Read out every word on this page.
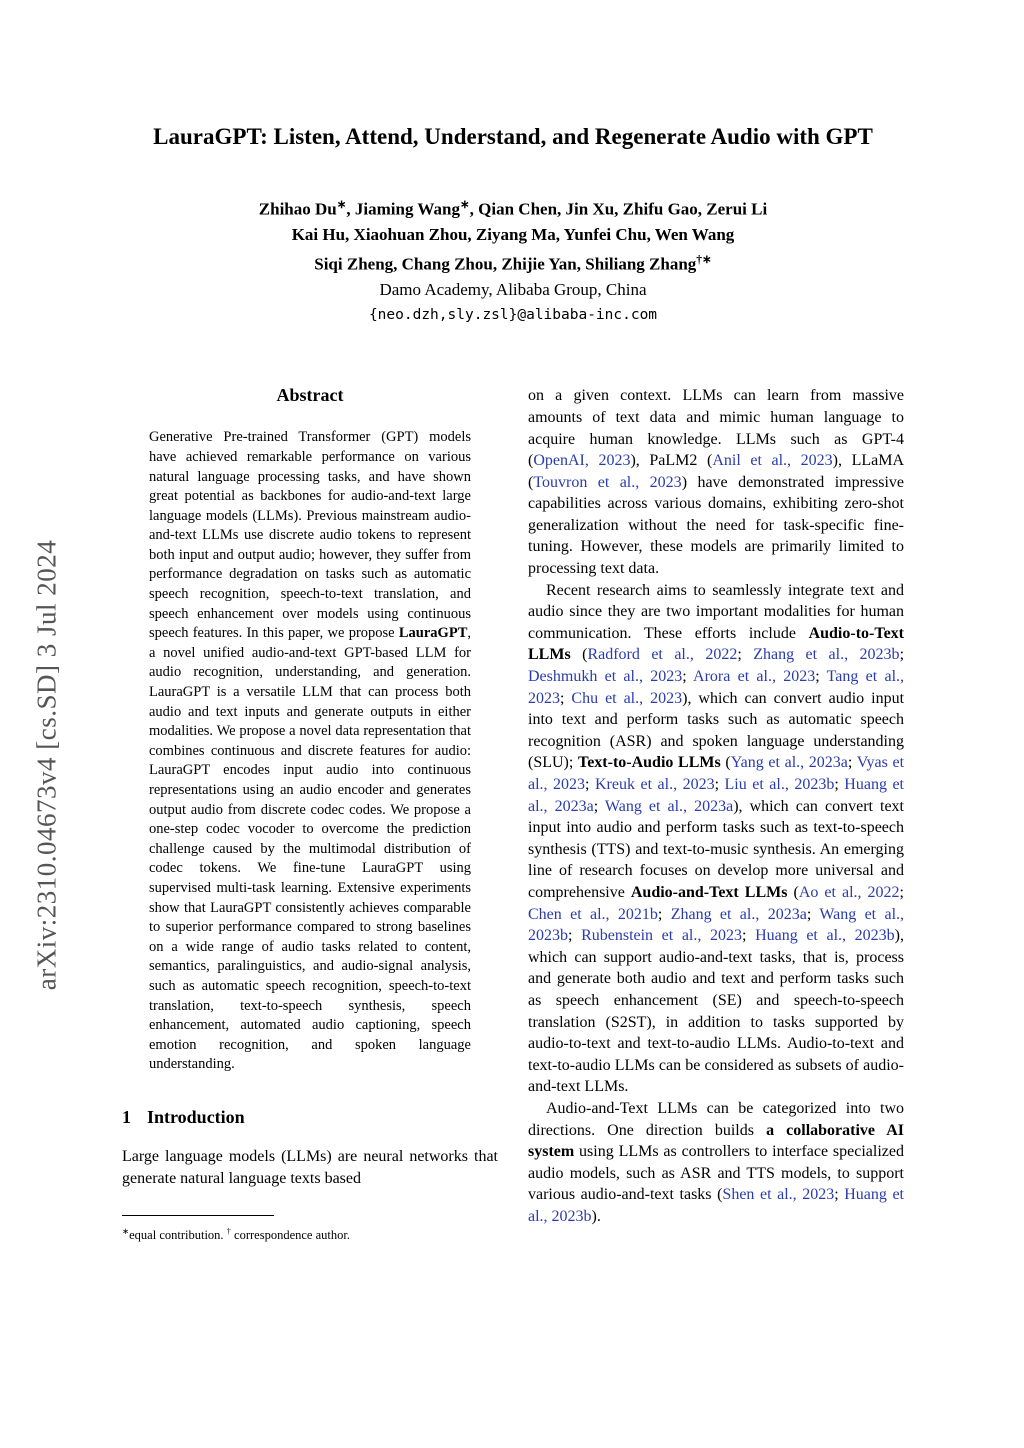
arXiv:2310.04673v4 [cs.SD] 3 Jul 2024
LauraGPT: Listen, Attend, Understand, and Regenerate Audio with GPT
Zhihao Du∗, Jiaming Wang∗, Qian Chen, Jin Xu, Zhifu Gao, Zerui Li
Kai Hu, Xiaohuan Zhou, Ziyang Ma, Yunfei Chu, Wen Wang
Siqi Zheng, Chang Zhou, Zhijie Yan, Shiliang Zhang†∗
Damo Academy, Alibaba Group, China
{neo.dzh,sly.zsl}@alibaba-inc.com
Abstract
Generative Pre-trained Transformer (GPT) models have achieved remarkable performance on various natural language processing tasks, and have shown great potential as backbones for audio-and-text large language models (LLMs). Previous mainstream audio-and-text LLMs use discrete audio tokens to represent both input and output audio; however, they suffer from performance degradation on tasks such as automatic speech recognition, speech-to-text translation, and speech enhancement over models using continuous speech features. In this paper, we propose LauraGPT, a novel unified audio-and-text GPT-based LLM for audio recognition, understanding, and generation. LauraGPT is a versatile LLM that can process both audio and text inputs and generate outputs in either modalities. We propose a novel data representation that combines continuous and discrete features for audio: LauraGPT encodes input audio into continuous representations using an audio encoder and generates output audio from discrete codec codes. We propose a one-step codec vocoder to overcome the prediction challenge caused by the multimodal distribution of codec tokens. We fine-tune LauraGPT using supervised multi-task learning. Extensive experiments show that LauraGPT consistently achieves comparable to superior performance compared to strong baselines on a wide range of audio tasks related to content, semantics, paralinguistics, and audio-signal analysis, such as automatic speech recognition, speech-to-text translation, text-to-speech synthesis, speech enhancement, automated audio captioning, speech emotion recognition, and spoken language understanding.
1 Introduction

Large language models (LLMs) are neural networks that generate natural language texts based

∗equal contribution. † correspondence author.

on a given context. LLMs can learn from massive amounts of text data and mimic human language to acquire human knowledge. LLMs such as GPT-4 (OpenAI, 2023), PaLM2 (Anil et al., 2023), LLaMA (Touvron et al., 2023) have demonstrated impressive capabilities across various domains, exhibiting zero-shot generalization without the need for task-specific fine-tuning. However, these models are primarily limited to processing text data.

Recent research aims to seamlessly integrate text and audio since they are two important modalities for human communication. These efforts include Audio-to-Text LLMs (Radford et al., 2022; Zhang et al., 2023b; Deshmukh et al., 2023; Arora et al., 2023; Tang et al., 2023; Chu et al., 2023), which can convert audio input into text and perform tasks such as automatic speech recognition (ASR) and spoken language understanding (SLU); Text-to-Audio LLMs (Yang et al., 2023a; Vyas et al., 2023; Kreuk et al., 2023; Liu et al., 2023b; Huang et al., 2023a; Wang et al., 2023a), which can convert text input into audio and perform tasks such as text-to-speech synthesis (TTS) and text-to-music synthesis. An emerging line of research focuses on develop more universal and comprehensive Audio-and-Text LLMs (Ao et al., 2022; Chen et al., 2021b; Zhang et al., 2023a; Wang et al., 2023b; Rubenstein et al., 2023; Huang et al., 2023b), which can support audio-and-text tasks, that is, process and generate both audio and text and perform tasks such as speech enhancement (SE) and speech-to-speech translation (S2ST), in addition to tasks supported by audio-to-text and text-to-audio LLMs. Audio-to-text and text-to-audio LLMs can be considered as subsets of audio-and-text LLMs.

Audio-and-Text LLMs can be categorized into two directions. One direction builds a collaborative AI system using LLMs as controllers to interface specialized audio models, such as ASR and TTS models, to support various audio-and-text tasks (Shen et al., 2023; Huang et al., 2023b).
